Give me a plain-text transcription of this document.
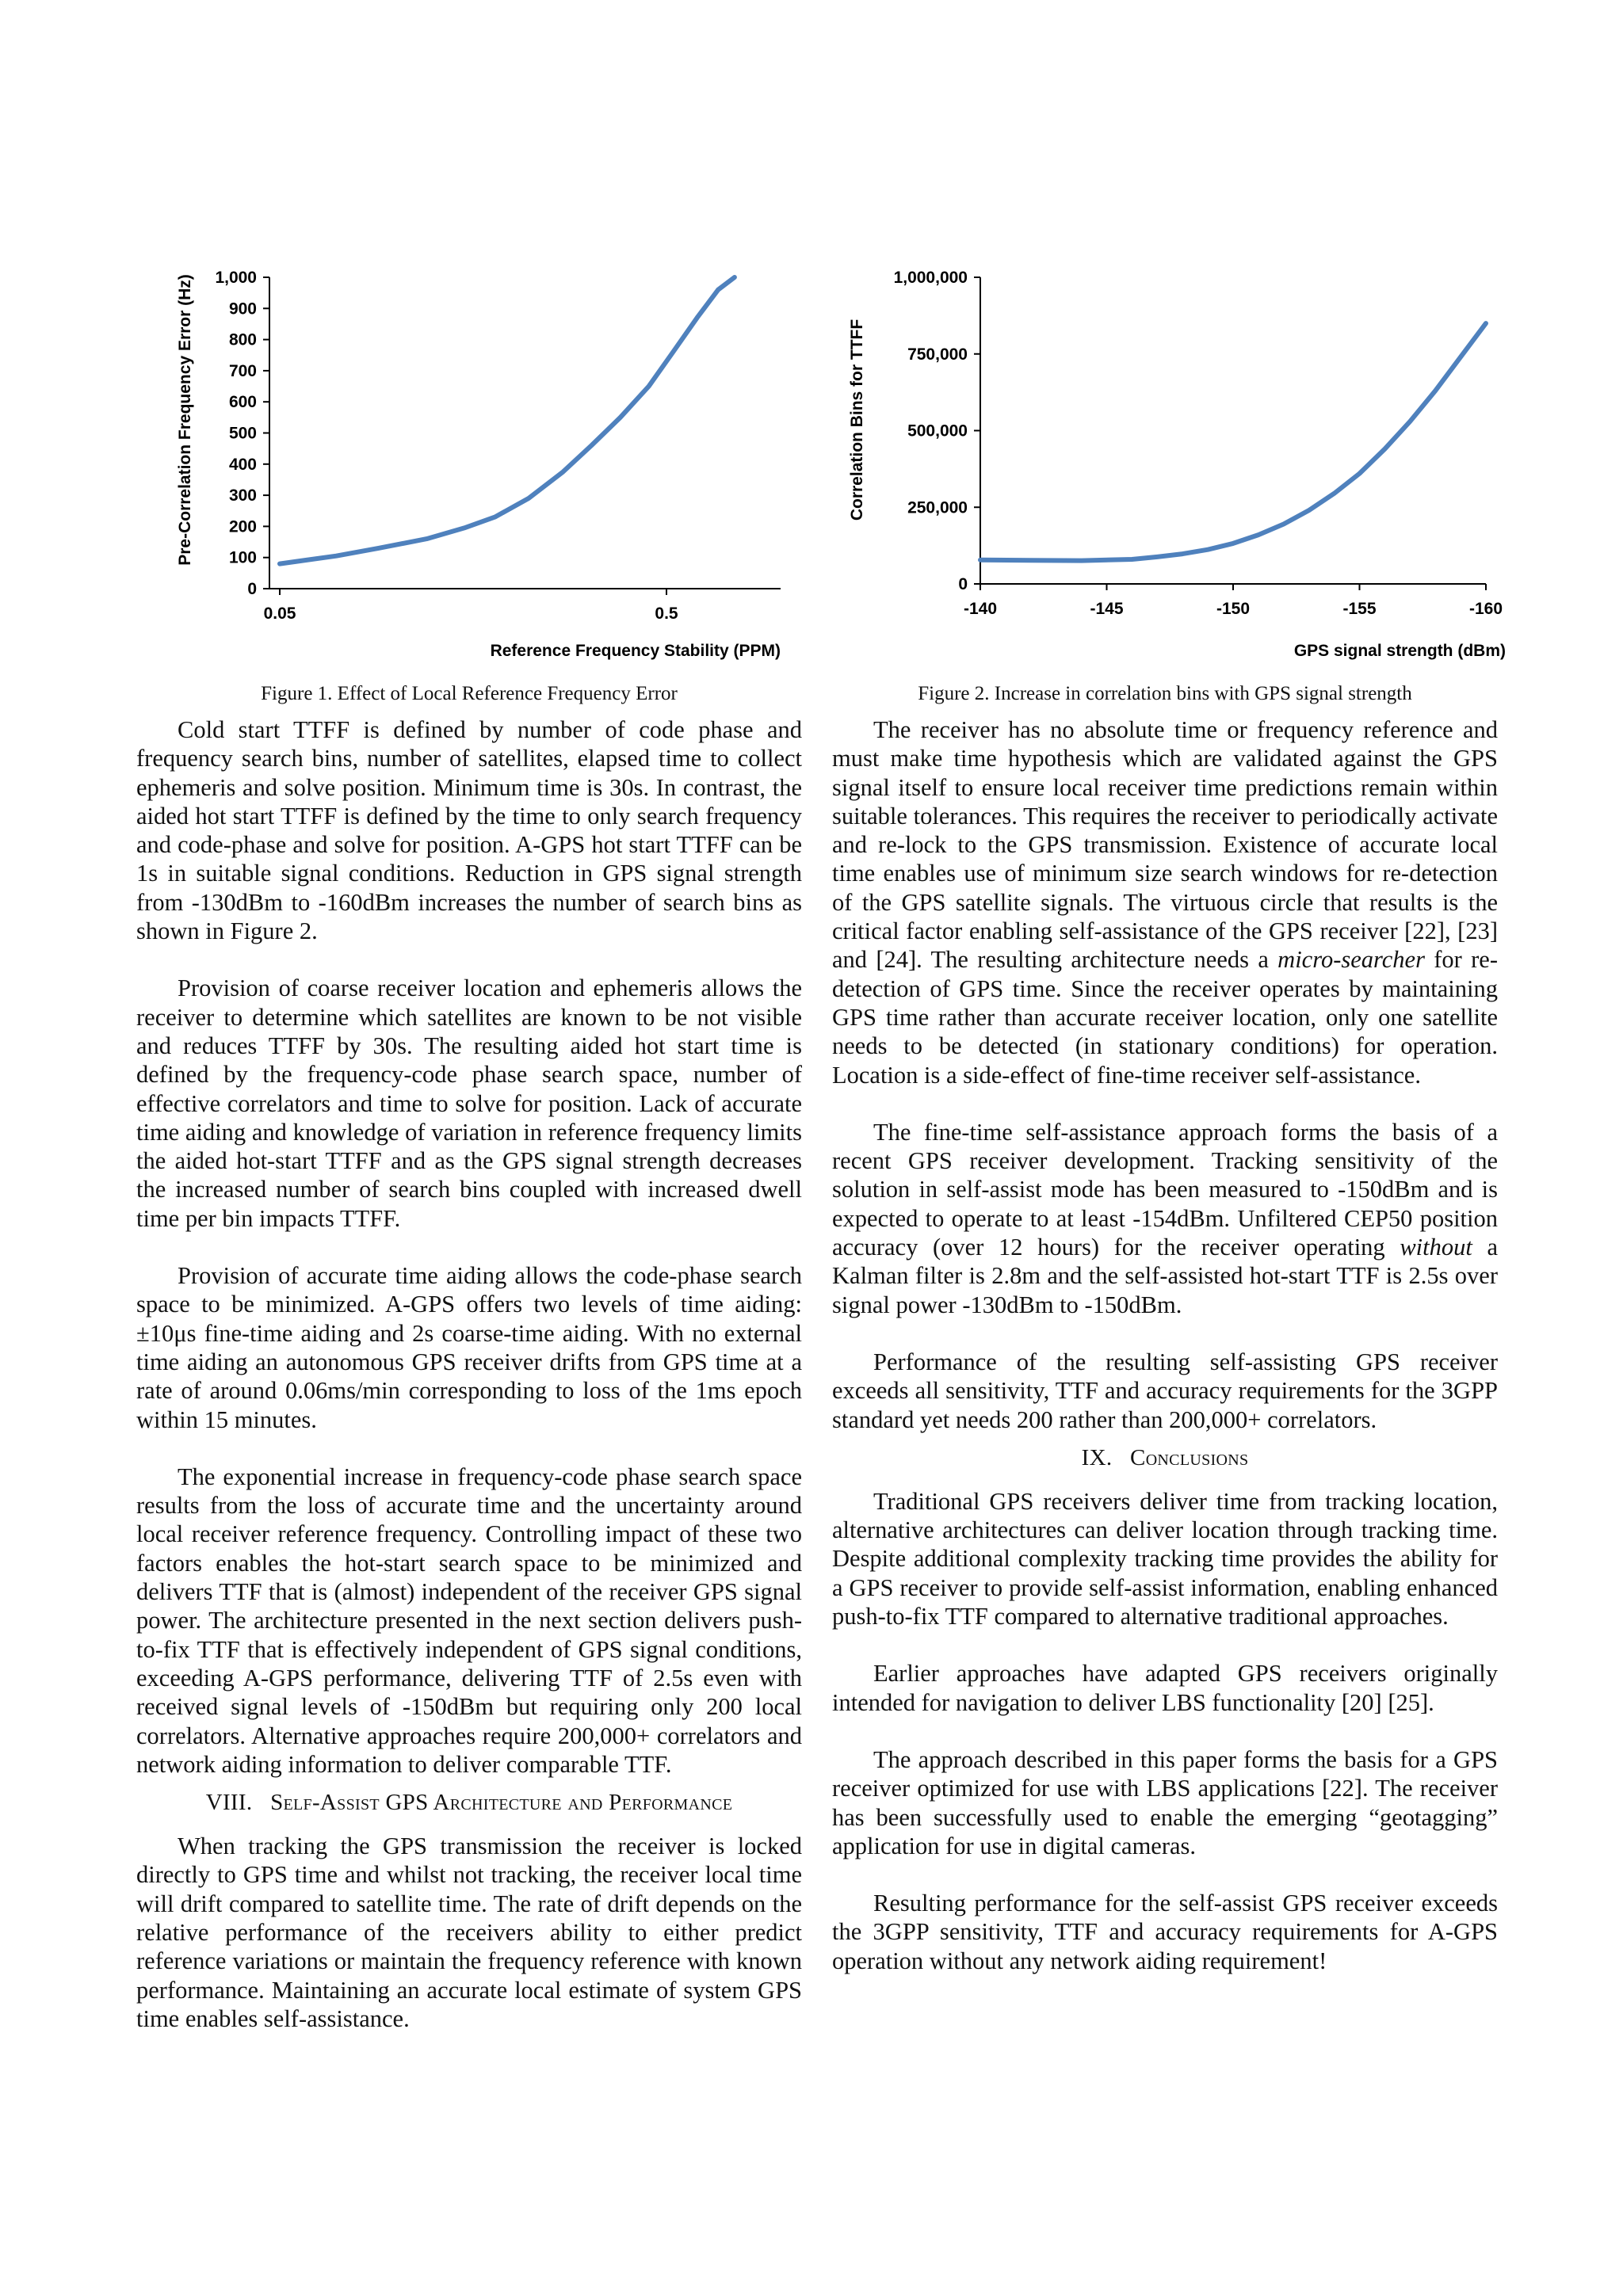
0
100
200
300
400
500
600
700
800
900
1,000
0.05	0.5
Reference Frequency Stability (PPM)
Pre-Correlation Frequency Error (Hz)
Figure 1. Effect of Local Reference Frequency Error
0
250,000
500,000
750,000
1,000,000
-140	-145	-150	-155	-160
GPS signal strength (dBm)
Correlation Bins for TTFF
Figure 2. Increase in correlation bins with GPS signal strength

Cold start TTFF is defined by number of code phase and frequency search bins, number of satellites, elapsed time to collect ephemeris and solve position. Minimum time is 30s. In contrast, the aided hot start TTFF is defined by the time to only search frequency and code-phase and solve for position. A-GPS hot start TTFF can be 1s in suitable signal conditions. Reduction in GPS signal strength from -130dBm to -160dBm increases the number of search bins as shown in Figure 2.

Provision of coarse receiver location and ephemeris allows the receiver to determine which satellites are known to be not visible and reduces TTFF by 30s. The resulting aided hot start time is defined by the frequency-code phase search space, number of effective correlators and time to solve for position. Lack of accurate time aiding and knowledge of variation in reference frequency limits the aided hot-start TTFF and as the GPS signal strength decreases the increased number of search bins coupled with increased dwell time per bin impacts TTFF.

Provision of accurate time aiding allows the code-phase search space to be minimized. A-GPS offers two levels of time aiding: ±10μs fine-time aiding and 2s coarse-time aiding. With no external time aiding an autonomous GPS receiver drifts from GPS time at a rate of around 0.06ms/min corresponding to loss of the 1ms epoch within 15 minutes.

The exponential increase in frequency-code phase search space results from the loss of accurate time and the uncertainty around local receiver reference frequency. Controlling impact of these two factors enables the hot-start search space to be minimized and delivers TTF that is (almost) independent of the receiver GPS signal power. The architecture presented in the next section delivers push-to-fix TTF that is effectively independent of GPS signal conditions, exceeding A-GPS performance, delivering TTF of 2.5s even with received signal levels of -150dBm but requiring only 200 local correlators. Alternative approaches require 200,000+ correlators and network aiding information to deliver comparable TTF.

VIII. Self-Assist GPS Architecture and Performance

When tracking the GPS transmission the receiver is locked directly to GPS time and whilst not tracking, the receiver local time will drift compared to satellite time. The rate of drift depends on the relative performance of the receivers ability to either predict reference variations or maintain the frequency reference with known performance. Maintaining an accurate local estimate of system GPS time enables self-assistance.

The receiver has no absolute time or frequency reference and must make time hypothesis which are validated against the GPS signal itself to ensure local receiver time predictions remain within suitable tolerances. This requires the receiver to periodically activate and re-lock to the GPS transmission. Existence of accurate local time enables use of minimum size search windows for re-detection of the GPS satellite signals. The virtuous circle that results is the critical factor enabling self-assistance of the GPS receiver [22], [23] and [24]. The resulting architecture needs a micro-searcher for re-detection of GPS time. Since the receiver operates by maintaining GPS time rather than accurate receiver location, only one satellite needs to be detected (in stationary conditions) for operation. Location is a side-effect of fine-time receiver self-assistance.

The fine-time self-assistance approach forms the basis of a recent GPS receiver development. Tracking sensitivity of the solution in self-assist mode has been measured to -150dBm and is expected to operate to at least -154dBm. Unfiltered CEP50 position accuracy (over 12 hours) for the receiver operating without a Kalman filter is 2.8m and the self-assisted hot-start TTF is 2.5s over signal power -130dBm to -150dBm.

Performance of the resulting self-assisting GPS receiver exceeds all sensitivity, TTF and accuracy requirements for the 3GPP standard yet needs 200 rather than 200,000+ correlators.

IX. Conclusions

Traditional GPS receivers deliver time from tracking location, alternative architectures can deliver location through tracking time. Despite additional complexity tracking time provides the ability for a GPS receiver to provide self-assist information, enabling enhanced push-to-fix TTF compared to alternative traditional approaches.

Earlier approaches have adapted GPS receivers originally intended for navigation to deliver LBS functionality [20] [25].

The approach described in this paper forms the basis for a GPS receiver optimized for use with LBS applications [22]. The receiver has been successfully used to enable the emerging “geotagging” application for use in digital cameras.

Resulting performance for the self-assist GPS receiver exceeds the 3GPP sensitivity, TTF and accuracy requirements for A-GPS operation without any network aiding requirement!
